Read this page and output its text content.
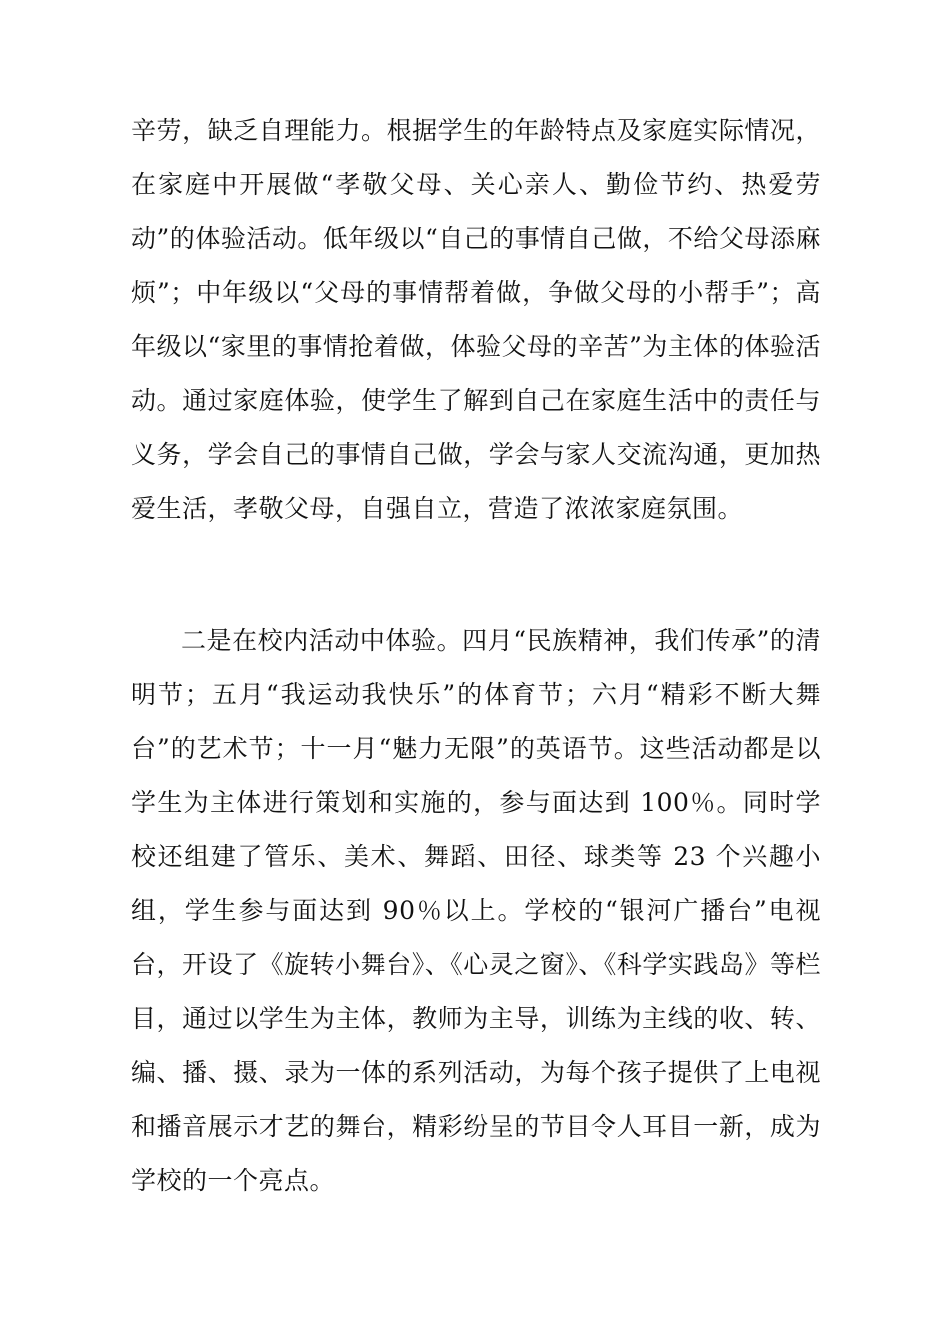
辛劳，缺乏自理能力。根据学生的年龄特点及家庭实际情况，在家庭中开展做“孝敬父母、关心亲人、勤俭节约、热爱劳动”的体验活动。低年级以“自己的事情自己做，不给父母添麻烦”；中年级以“父母的事情帮着做，争做父母的小帮手”；高年级以“家里的事情抢着做，体验父母的辛苦”为主体的体验活动。通过家庭体验，使学生了解到自己在家庭生活中的责任与义务，学会自己的事情自己做，学会与家人交流沟通，更加热爱生活，孝敬父母，自强自立，营造了浓浓家庭氛围。

二是在校内活动中体验。四月“民族精神，我们传承”的清明节；五月“我运动我快乐”的体育节；六月“精彩不断大舞台”的艺术节；十一月“魅力无限”的英语节。这些活动都是以学生为主体进行策划和实施的，参与面达到 100％。同时学校还组建了管乐、美术、舞蹈、田径、球类等 23 个兴趣小组，学生参与面达到 90％以上。学校的“银河广播台”电视台，开设了《旋转小舞台》、《心灵之窗》、《科学实践岛》等栏目，通过以学生为主体，教师为主导，训练为主线的收、转、编、播、摄、录为一体的系列活动，为每个孩子提供了上电视和播音展示才艺的舞台，精彩纷呈的节目令人耳目一新，成为学校的一个亮点。
